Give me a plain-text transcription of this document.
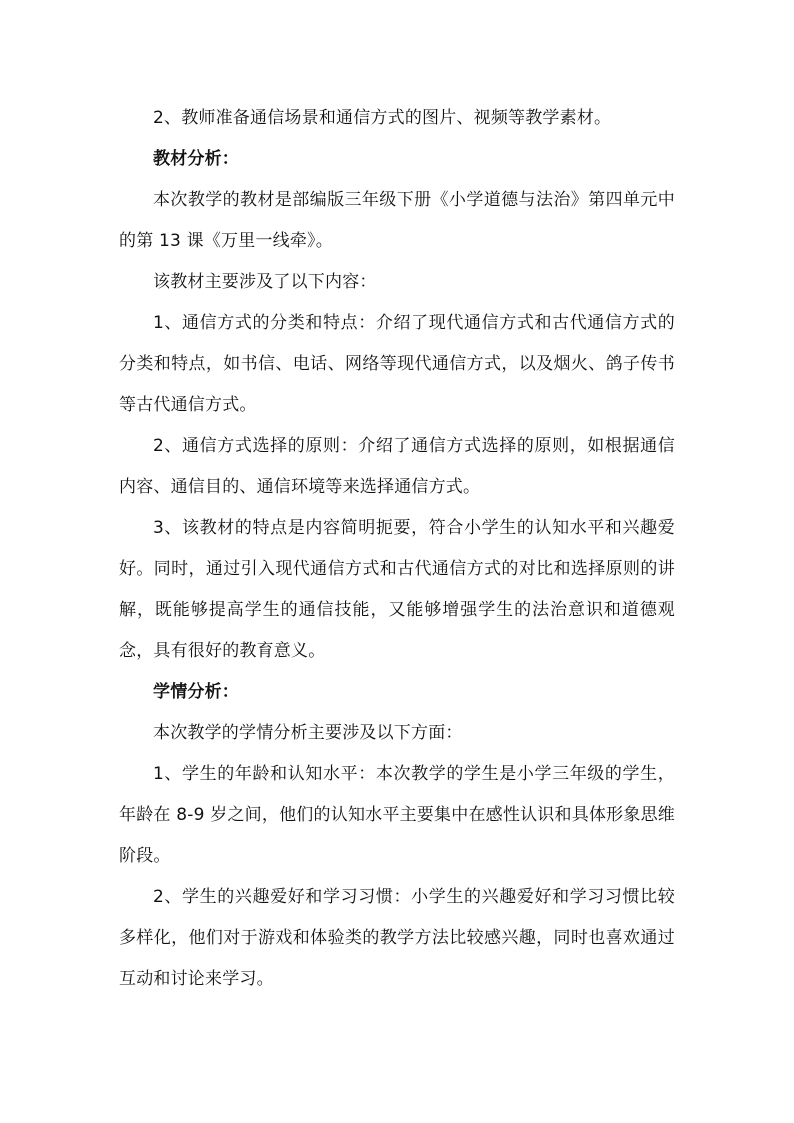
2、教师准备通信场景和通信方式的图片、视频等教学素材。

教材分析：

本次教学的教材是部编版三年级下册《小学道德与法治》第四单元中的第 13 课《万里一线牵》。

该教材主要涉及了以下内容：

1、通信方式的分类和特点：介绍了现代通信方式和古代通信方式的分类和特点，如书信、电话、网络等现代通信方式，以及烟火、鸽子传书等古代通信方式。

2、通信方式选择的原则：介绍了通信方式选择的原则，如根据通信内容、通信目的、通信环境等来选择通信方式。

3、该教材的特点是内容简明扼要，符合小学生的认知水平和兴趣爱好。同时，通过引入现代通信方式和古代通信方式的对比和选择原则的讲解，既能够提高学生的通信技能，又能够增强学生的法治意识和道德观念，具有很好的教育意义。

学情分析：

本次教学的学情分析主要涉及以下方面：

1、学生的年龄和认知水平：本次教学的学生是小学三年级的学生，年龄在 8-9 岁之间，他们的认知水平主要集中在感性认识和具体形象思维阶段。

2、学生的兴趣爱好和学习习惯：小学生的兴趣爱好和学习习惯比较多样化，他们对于游戏和体验类的教学方法比较感兴趣，同时也喜欢通过互动和讨论来学习。
